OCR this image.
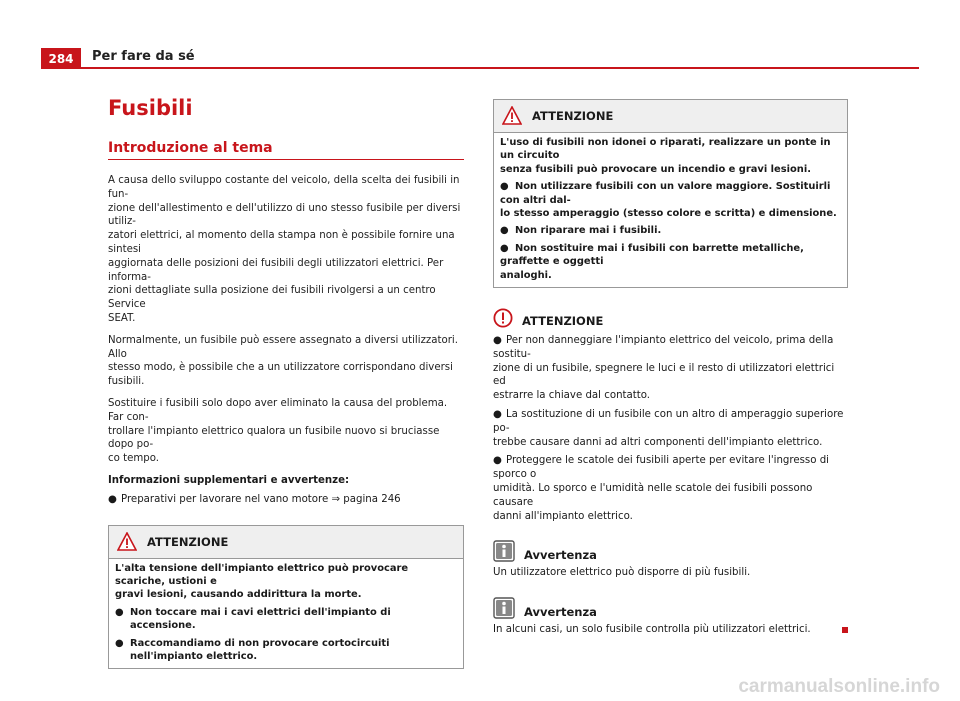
284	Per fare da sé
Fusibili
Introduzione al tema

A causa dello sviluppo costante del veicolo, della scelta dei fusibili in fun-
zione dell'allestimento e dell'utilizzo di uno stesso fusibile per diversi utiliz-
zatori elettrici, al momento della stampa non è possibile fornire una sintesi
aggiornata delle posizioni dei fusibili degli utilizzatori elettrici. Per informa-
zioni dettagliate sulla posizione dei fusibili rivolgersi a un centro Service
SEAT.

Normalmente, un fusibile può essere assegnato a diversi utilizzatori. Allo
stesso modo, è possibile che a un utilizzatore corrispondano diversi fusibili.

Sostituire i fusibili solo dopo aver eliminato la causa del problema. Far con-
trollare l'impianto elettrico qualora un fusibile nuovo si bruciasse dopo po-
co tempo.

Informazioni supplementari e avvertenze:

● Preparativi per lavorare nel vano motore ⇒ pagina 246
ATTENZIONE

L'alta tensione dell'impianto elettrico può provocare scariche, ustioni e
gravi lesioni, causando addirittura la morte.

● Non toccare mai i cavi elettrici dell'impianto di accensione.
● Raccomandiamo di non provocare cortocircuiti nell'impianto elettrico.
ATTENZIONE

L'uso di fusibili non idonei o riparati, realizzare un ponte in un circuito
senza fusibili può provocare un incendio e gravi lesioni.

● Non utilizzare fusibili con un valore maggiore. Sostituirli con altri dal-
lo stesso amperaggio (stesso colore e scritta) e dimensione.
● Non riparare mai i fusibili.
● Non sostituire mai i fusibili con barrette metalliche, graffette e oggetti
analoghi.
ATTENZIONE
● Per non danneggiare l'impianto elettrico del veicolo, prima della sostitu-
zione di un fusibile, spegnere le luci e il resto di utilizzatori elettrici ed
estrarre la chiave dal contatto.
● La sostituzione di un fusibile con un altro di amperaggio superiore po-
trebbe causare danni ad altri componenti dell'impianto elettrico.
● Proteggere le scatole dei fusibili aperte per evitare l'ingresso di sporco o
umidità. Lo sporco e l'umidità nelle scatole dei fusibili possono causare
danni all'impianto elettrico.
Avvertenza

Un utilizzatore elettrico può disporre di più fusibili.

Avvertenza

In alcuni casi, un solo fusibile controlla più utilizzatori elettrici.

carmanualsonline.info
